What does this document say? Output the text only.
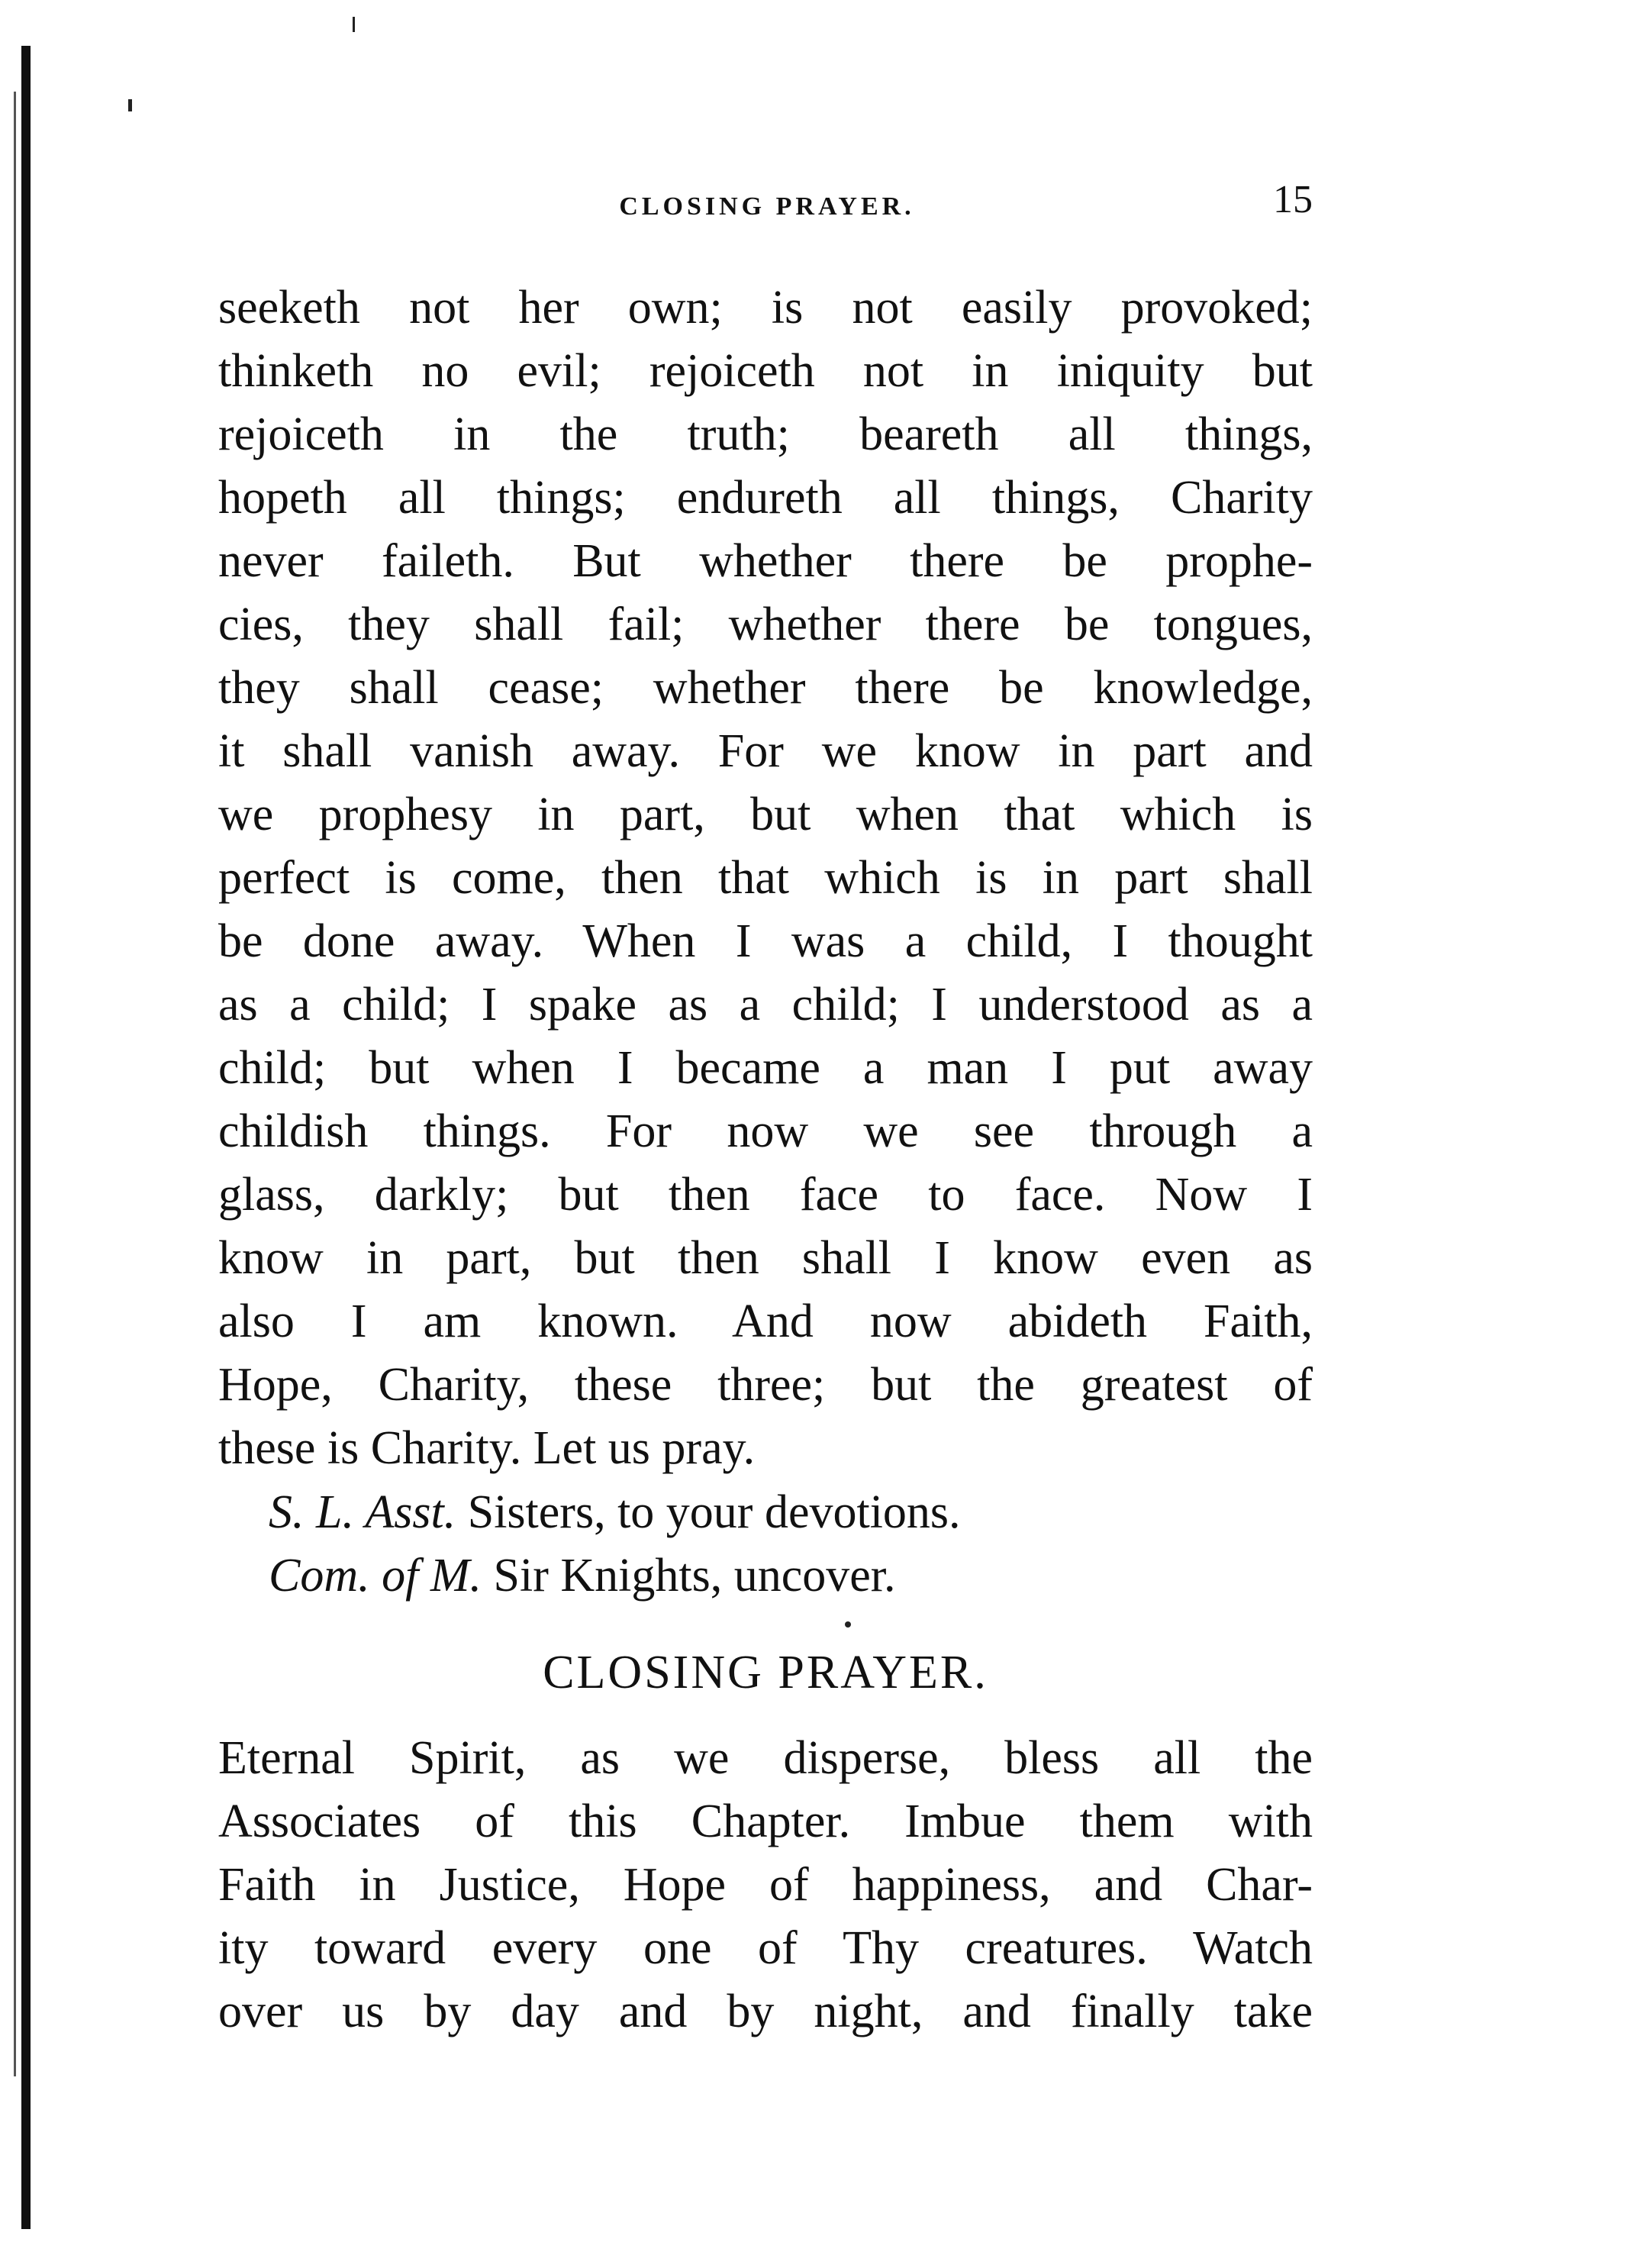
CLOSING PRAYER.	15
seeketh not her own; is not easily provoked;
thinketh no evil; rejoiceth not in iniquity but
rejoiceth in the truth; beareth all things,
hopeth all things; endureth all things, Charity
never faileth. But whether there be prophe-
cies, they shall fail; whether there be tongues,
they shall cease; whether there be knowledge,
it shall vanish away. For we know in part and
we prophesy in part, but when that which is
perfect is come, then that which is in part shall
be done away. When I was a child, I thought
as a child; I spake as a child; I understood as a
child; but when I became a man I put away
childish things. For now we see through a
glass, darkly; but then face to face. Now I
know in part, but then shall I know even as
also I am known. And now abideth Faith,
Hope, Charity, these three; but the greatest of
these is Charity. Let us pray.
S. L. Asst. Sisters, to your devotions.
Com. of M. Sir Knights, uncover.
CLOSING PRAYER.
Eternal Spirit, as we disperse, bless all the
Associates of this Chapter. Imbue them with
Faith in Justice, Hope of happiness, and Char-
ity toward every one of Thy creatures. Watch
over us by day and by night, and finally take
